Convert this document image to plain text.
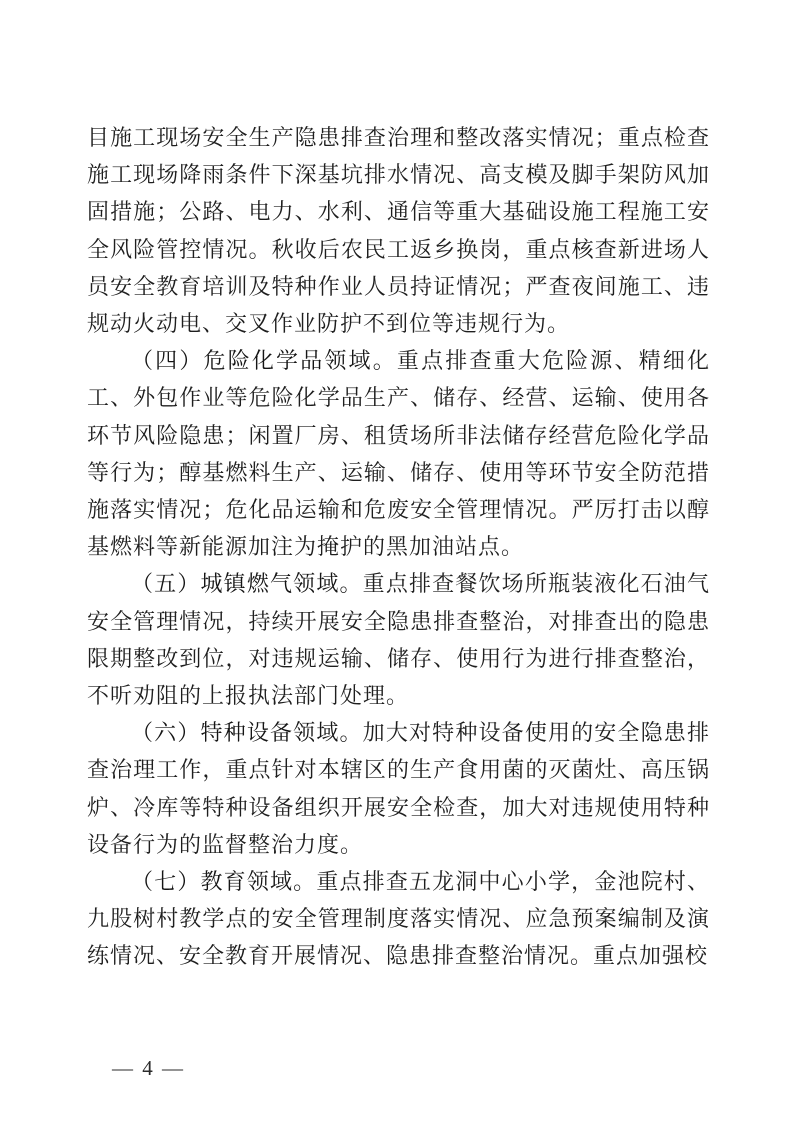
目施工现场安全生产隐患排查治理和整改落实情况；重点检查施工现场降雨条件下深基坑排水情况、高支模及脚手架防风加固措施；公路、电力、水利、通信等重大基础设施工程施工安全风险管控情况。秋收后农民工返乡换岗，重点核查新进场人员安全教育培训及特种作业人员持证情况；严查夜间施工、违规动火动电、交叉作业防护不到位等违规行为。

（四）危险化学品领域。重点排查重大危险源、精细化工、外包作业等危险化学品生产、储存、经营、运输、使用各环节风险隐患；闲置厂房、租赁场所非法储存经营危险化学品等行为；醇基燃料生产、运输、储存、使用等环节安全防范措施落实情况；危化品运输和危废安全管理情况。严厉打击以醇基燃料等新能源加注为掩护的黑加油站点。

（五）城镇燃气领域。重点排查餐饮场所瓶装液化石油气安全管理情况，持续开展安全隐患排查整治，对排查出的隐患限期整改到位，对违规运输、储存、使用行为进行排查整治，不听劝阻的上报执法部门处理。

（六）特种设备领域。加大对特种设备使用的安全隐患排查治理工作，重点针对本辖区的生产食用菌的灭菌灶、高压锅炉、冷库等特种设备组织开展安全检查，加大对违规使用特种设备行为的监督整治力度。

（七）教育领域。重点排查五龙洞中心小学，金池院村、九股树村教学点的安全管理制度落实情况、应急预案编制及演练情况、安全教育开展情况、隐患排查整治情况。重点加强校

— 4 —
